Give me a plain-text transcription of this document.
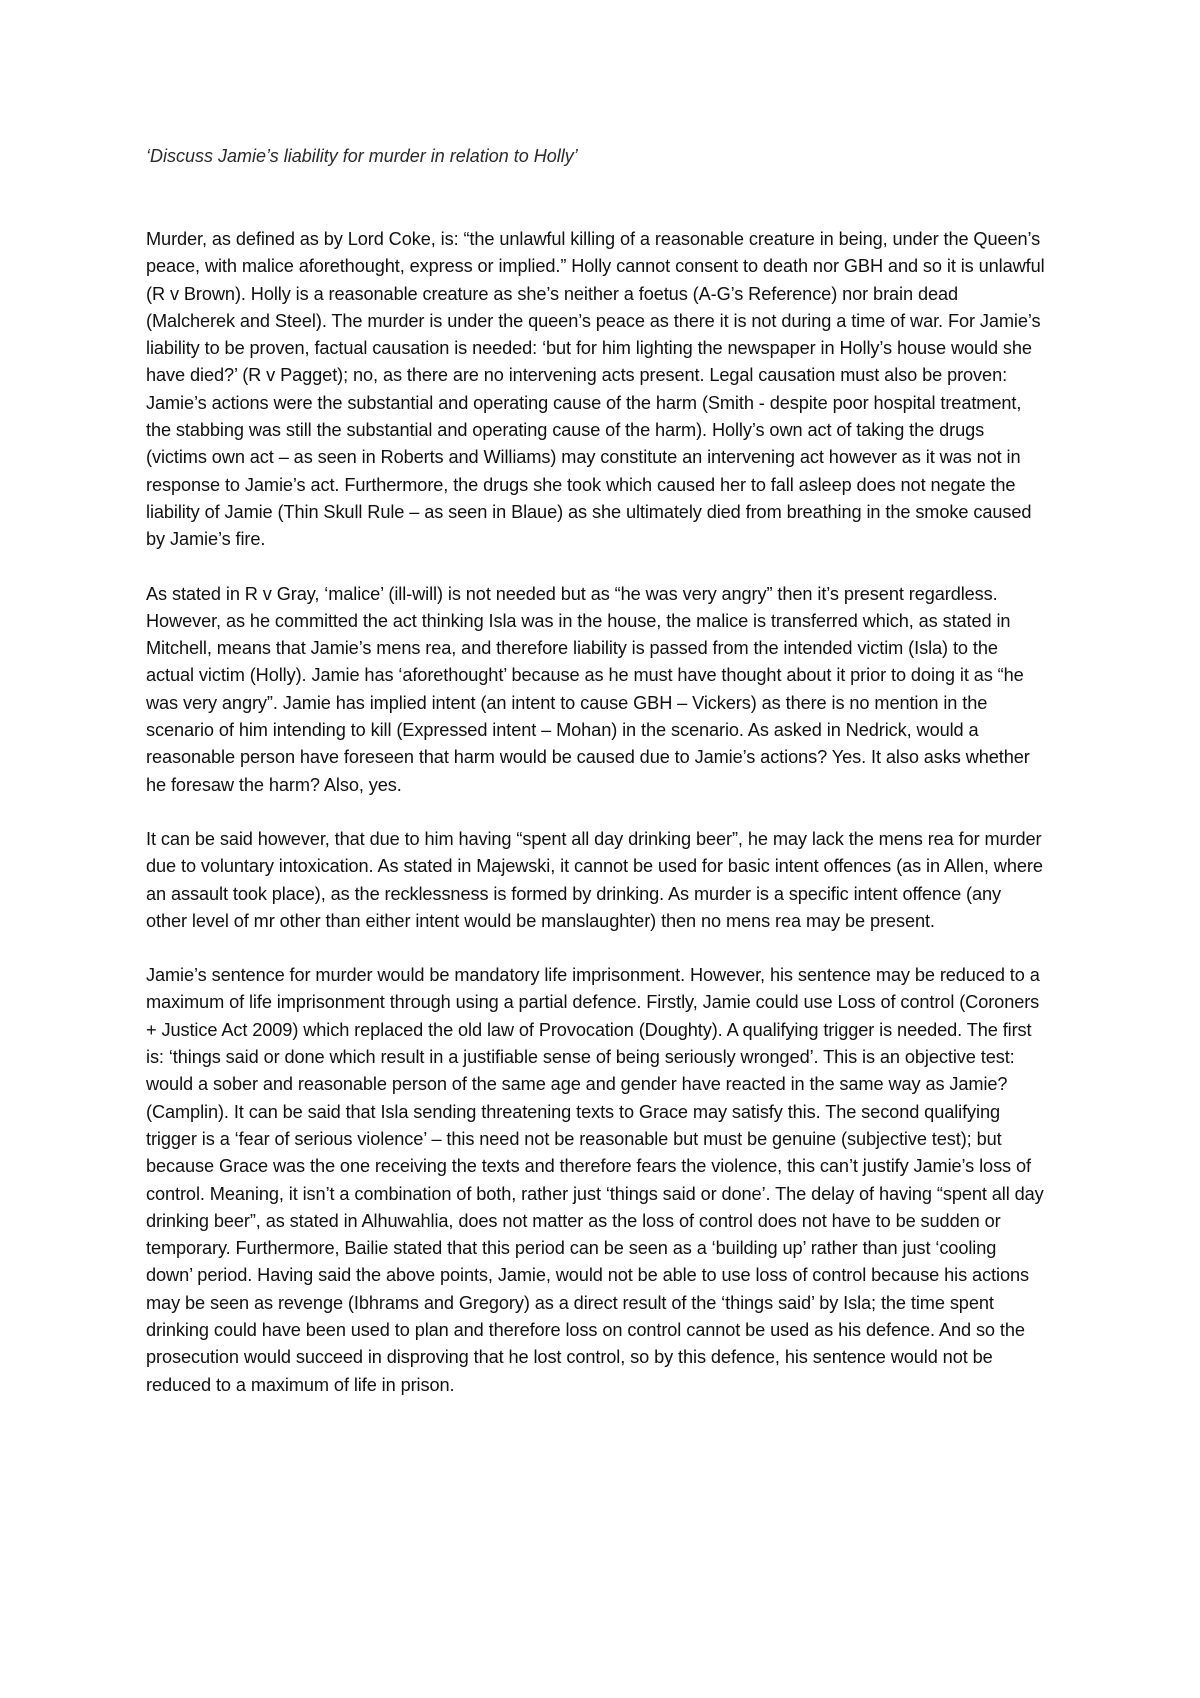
‘Discuss Jamie’s liability for murder in relation to Holly’

Murder, as defined as by Lord Coke, is: “the unlawful killing of a reasonable creature in being, under the Queen’s peace, with malice aforethought, express or implied.” Holly cannot consent to death nor GBH and so it is unlawful (R v Brown). Holly is a reasonable creature as she’s neither a foetus (A-G’s Reference) nor brain dead (Malcherek and Steel). The murder is under the queen’s peace as there it is not during a time of war. For Jamie’s liability to be proven, factual causation is needed: ‘but for him lighting the newspaper in Holly’s house would she have died?’ (R v Pagget); no, as there are no intervening acts present. Legal causation must also be proven: Jamie’s actions were the substantial and operating cause of the harm (Smith - despite poor hospital treatment, the stabbing was still the substantial and operating cause of the harm). Holly’s own act of taking the drugs (victims own act – as seen in Roberts and Williams) may constitute an intervening act however as it was not in response to Jamie’s act. Furthermore, the drugs she took which caused her to fall asleep does not negate the liability of Jamie (Thin Skull Rule – as seen in Blaue) as she ultimately died from breathing in the smoke caused by Jamie’s fire.

As stated in R v Gray, ‘malice’ (ill-will) is not needed but as “he was very angry” then it’s present regardless. However, as he committed the act thinking Isla was in the house, the malice is transferred which, as stated in Mitchell, means that Jamie’s mens rea, and therefore liability is passed from the intended victim (Isla) to the actual victim (Holly). Jamie has ‘aforethought’ because as he must have thought about it prior to doing it as “he was very angry”. Jamie has implied intent (an intent to cause GBH – Vickers) as there is no mention in the scenario of him intending to kill (Expressed intent – Mohan) in the scenario. As asked in Nedrick, would a reasonable person have foreseen that harm would be caused due to Jamie’s actions? Yes. It also asks whether he foresaw the harm? Also, yes.

It can be said however, that due to him having “spent all day drinking beer”, he may lack the mens rea for murder due to voluntary intoxication. As stated in Majewski, it cannot be used for basic intent offences (as in Allen, where an assault took place), as the recklessness is formed by drinking. As murder is a specific intent offence (any other level of mr other than either intent would be manslaughter) then no mens rea may be present.

Jamie’s sentence for murder would be mandatory life imprisonment. However, his sentence may be reduced to a maximum of life imprisonment through using a partial defence. Firstly, Jamie could use Loss of control (Coroners + Justice Act 2009) which replaced the old law of Provocation (Doughty). A qualifying trigger is needed. The first is: ‘things said or done which result in a justifiable sense of being seriously wronged’. This is an objective test: would a sober and reasonable person of the same age and gender have reacted in the same way as Jamie? (Camplin). It can be said that Isla sending threatening texts to Grace may satisfy this. The second qualifying trigger is a ‘fear of serious violence’ – this need not be reasonable but must be genuine (subjective test); but because Grace was the one receiving the texts and therefore fears the violence, this can’t justify Jamie’s loss of control. Meaning, it isn’t a combination of both, rather just ‘things said or done’. The delay of having “spent all day drinking beer”, as stated in Alhuwahlia, does not matter as the loss of control does not have to be sudden or temporary. Furthermore, Bailie stated that this period can be seen as a ‘building up’ rather than just ‘cooling down’ period. Having said the above points, Jamie, would not be able to use loss of control because his actions may be seen as revenge (Ibhrams and Gregory) as a direct result of the ‘things said’ by Isla; the time spent drinking could have been used to plan and therefore loss on control cannot be used as his defence. And so the prosecution would succeed in disproving that he lost control, so by this defence, his sentence would not be reduced to a maximum of life in prison.
